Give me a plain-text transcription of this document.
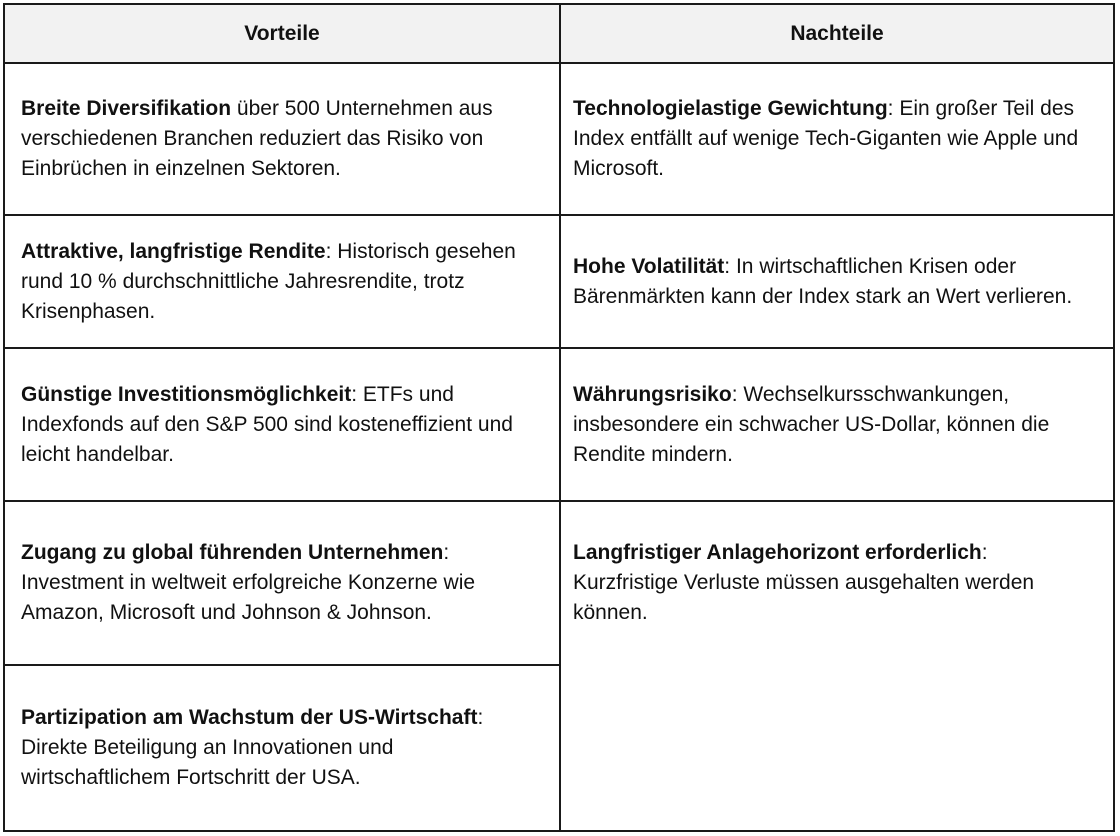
Vorteile	Nachteile
Breite Diversifikation über 500 Unternehmen aus verschiedenen Branchen reduziert das Risiko von Einbrüchen in einzelnen Sektoren.
Attraktive, langfristige Rendite: Historisch gesehen rund 10 % durchschnittliche Jahresrendite, trotz Krisenphasen.
Günstige Investitionsmöglichkeit: ETFs und Indexfonds auf den S&P 500 sind kosteneffizient und leicht handelbar.
Zugang zu global führenden Unternehmen: Investment in weltweit erfolgreiche Konzerne wie Amazon, Microsoft und Johnson & Johnson.
Partizipation am Wachstum der US-Wirtschaft: Direkte Beteiligung an Innovationen und wirtschaftlichem Fortschritt der USA.
Technologielastige Gewichtung: Ein großer Teil des Index entfällt auf wenige Tech-Giganten wie Apple und Microsoft.
Hohe Volatilität: In wirtschaftlichen Krisen oder Bärenmärkten kann der Index stark an Wert verlieren.
Währungsrisiko: Wechselkursschwankungen, insbesondere ein schwacher US-Dollar, können die Rendite mindern.
Langfristiger Anlagehorizont erforderlich: Kurzfristige Verluste müssen ausgehalten werden können.
